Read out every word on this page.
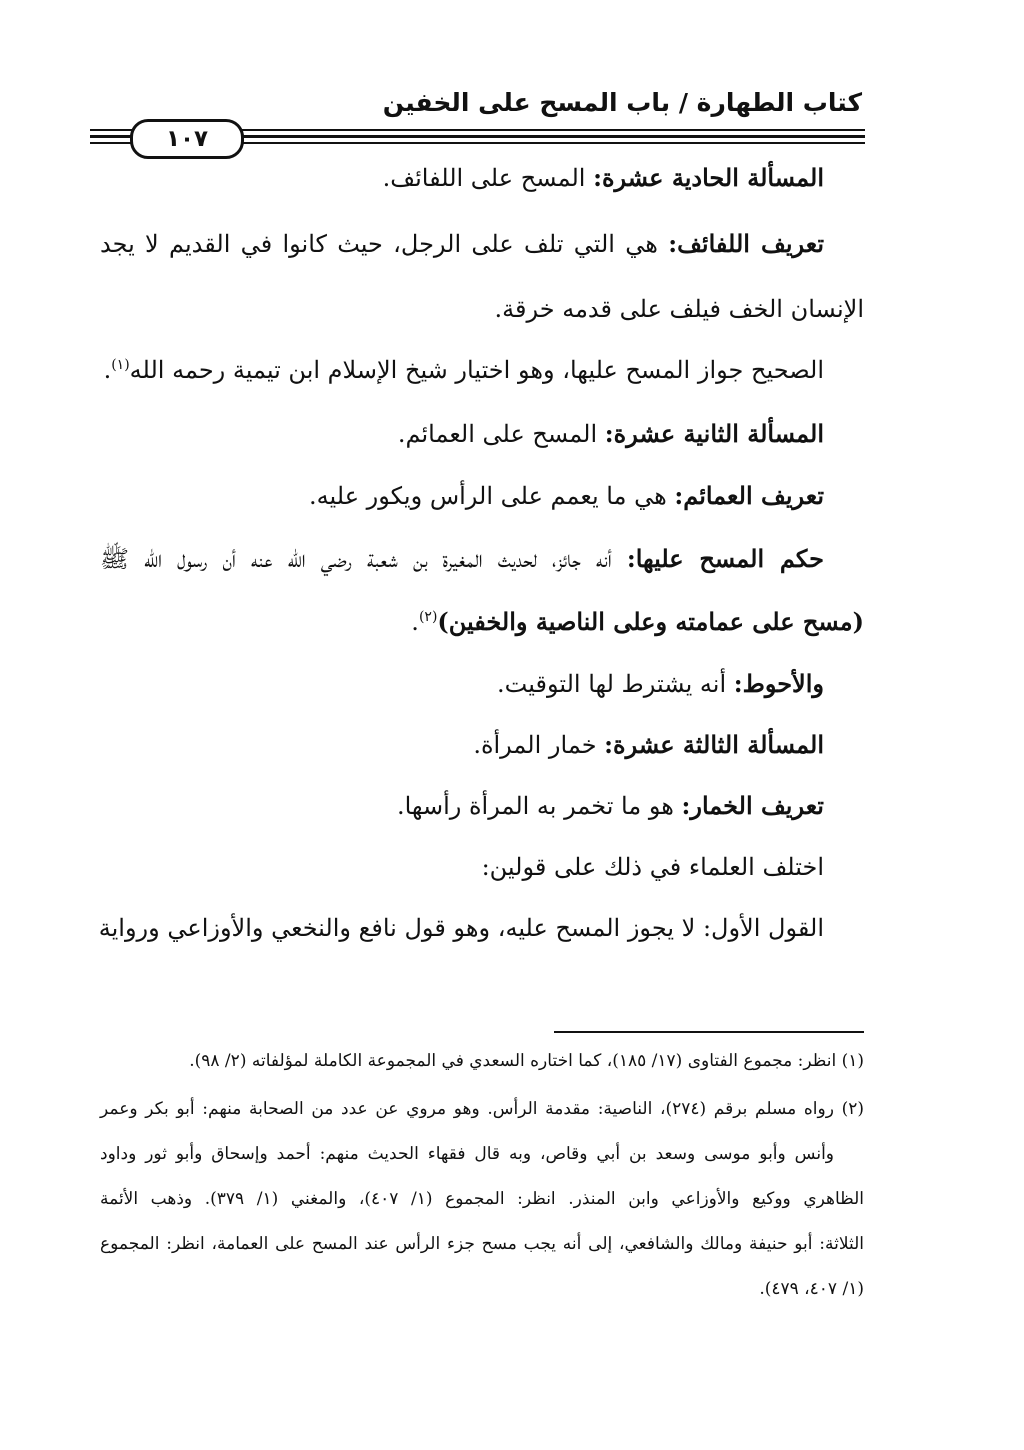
كتاب الطهارة / باب المسح على الخفين
١٠٧
المسألة الحادية عشرة: المسح على اللفائف.
تعريف اللفائف: هي التي تلف على الرجل، حيث كانوا في القديم لا يجد
الإنسان الخف فيلف على قدمه خرقة.
الصحيح جواز المسح عليها، وهو اختيار شيخ الإسلام ابن تيمية رحمه الله$^{(١)}$.
المسألة الثانية عشرة: المسح على العمائم.
تعريف العمائم: هي ما يعمم على الرأس ويكور عليه.
حكم المسح عليها: أنه جائز، لحديث المغيرة بن شعبة رضي الله عنه أن رسول الله ﷺ
(مسح على عمامته وعلى الناصية والخفين)$^{(٢)}$.
والأحوط: أنه يشترط لها التوقيت.
المسألة الثالثة عشرة: خمار المرأة.
تعريف الخمار: هو ما تخمر به المرأة رأسها.
اختلف العلماء في ذلك على قولين:
القول الأول: لا يجوز المسح عليه، وهو قول نافع والنخعي والأوزاعي ورواية
(١) انظر: مجموع الفتاوى (١٧/ ١٨٥)، كما اختاره السعدي في المجموعة الكاملة لمؤلفاته (٢/ ٩٨).
(٢) رواه مسلم برقم (٢٧٤)، الناصية: مقدمة الرأس. وهو مروي عن عدد من الصحابة منهم: أبو بكر وعمر
وأنس وأبو موسى وسعد بن أبي وقاص، وبه قال فقهاء الحديث منهم: أحمد وإسحاق وأبو ثور وداود
الظاهري ووكيع والأوزاعي وابن المنذر. انظر: المجموع (١/ ٤٠٧)، والمغني (١/ ٣٧٩). وذهب الأئمة
الثلاثة: أبو حنيفة ومالك والشافعي، إلى أنه يجب مسح جزء الرأس عند المسح على العمامة، انظر: المجموع
(١/ ٤٠٧، ٤٧٩).
